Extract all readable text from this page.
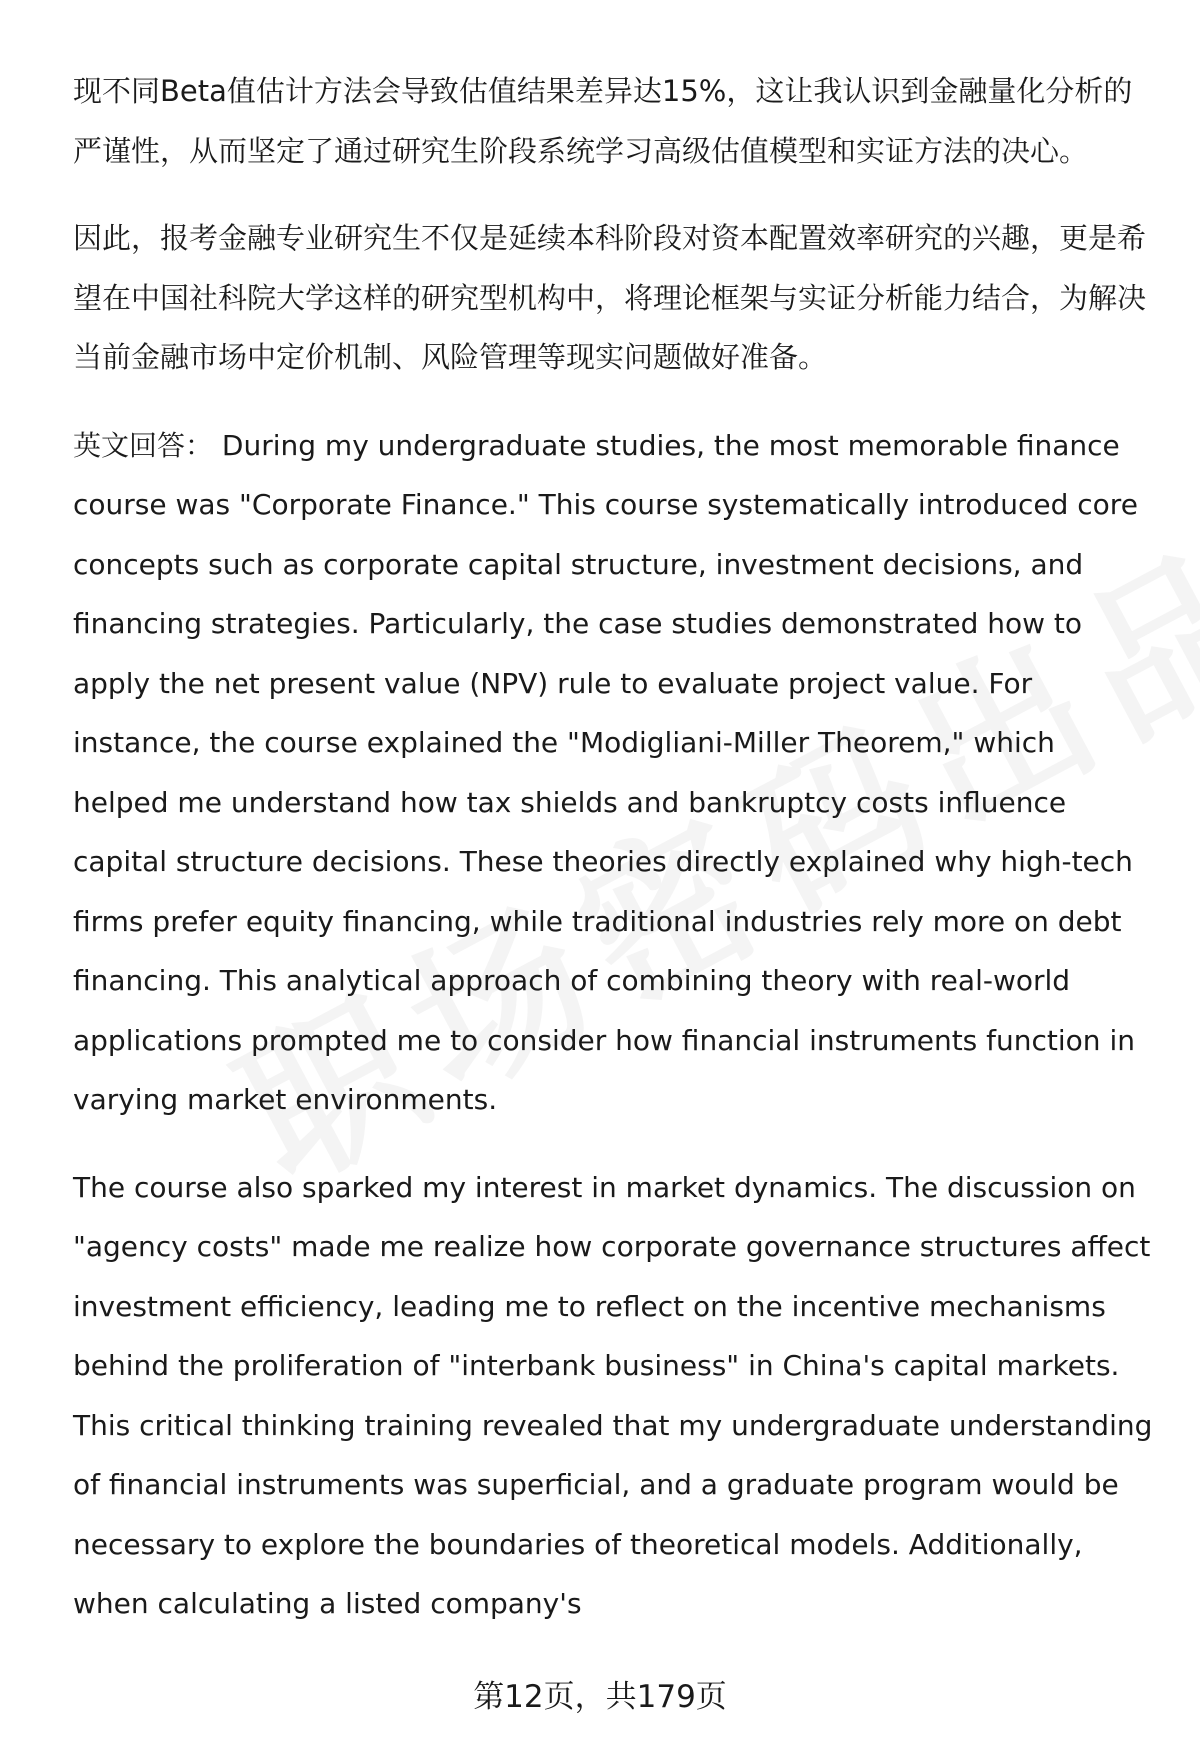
现不同Beta值估计方法会导致估值结果差异达15%，这让我认识到金融量化分析的严谨性，从而坚定了通过研究生阶段系统学习高级估值模型和实证方法的决心。

因此，报考金融专业研究生不仅是延续本科阶段对资本配置效率研究的兴趣，更是希望在中国社科院大学这样的研究型机构中，将理论框架与实证分析能力结合，为解决当前金融市场中定价机制、风险管理等现实问题做好准备。

英文回答： During my undergraduate studies, the most memorable finance course was "Corporate Finance." This course systematically introduced core concepts such as corporate capital structure, investment decisions, and financing strategies. Particularly, the case studies demonstrated how to apply the net present value (NPV) rule to evaluate project value. For instance, the course explained the "Modigliani-Miller Theorem," which helped me understand how tax shields and bankruptcy costs influence capital structure decisions. These theories directly explained why high-tech firms prefer equity financing, while traditional industries rely more on debt financing. This analytical approach of combining theory with real-world applications prompted me to consider how financial instruments function in varying market environments.

The course also sparked my interest in market dynamics. The discussion on "agency costs" made me realize how corporate governance structures affect investment efficiency, leading me to reflect on the incentive mechanisms behind the proliferation of "interbank business" in China's capital markets. This critical thinking training revealed that my undergraduate understanding of financial instruments was superficial, and a graduate program would be necessary to explore the boundaries of theoretical models. Additionally, when calculating a listed company's

第12页，共179页
